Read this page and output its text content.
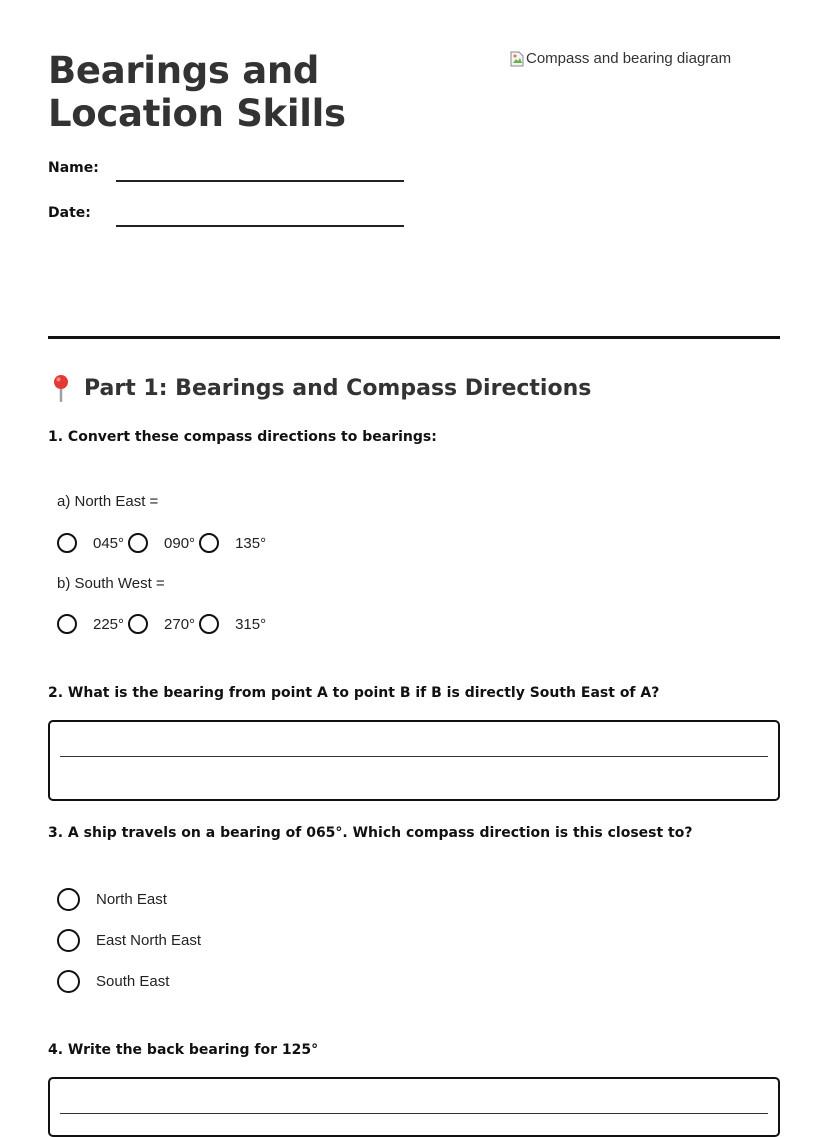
Bearings and Location Skills
Compass and bearing diagram
Name:
Date:
Part 1: Bearings and Compass Directions
1. Convert these compass directions to bearings:
a) North East =
045°	090°	135°
b) South West =
225°	270°	315°
2. What is the bearing from point A to point B if B is directly South East of A?
3. A ship travels on a bearing of 065°. Which compass direction is this closest to?
North East
East North East
South East
4. Write the back bearing for 125°
